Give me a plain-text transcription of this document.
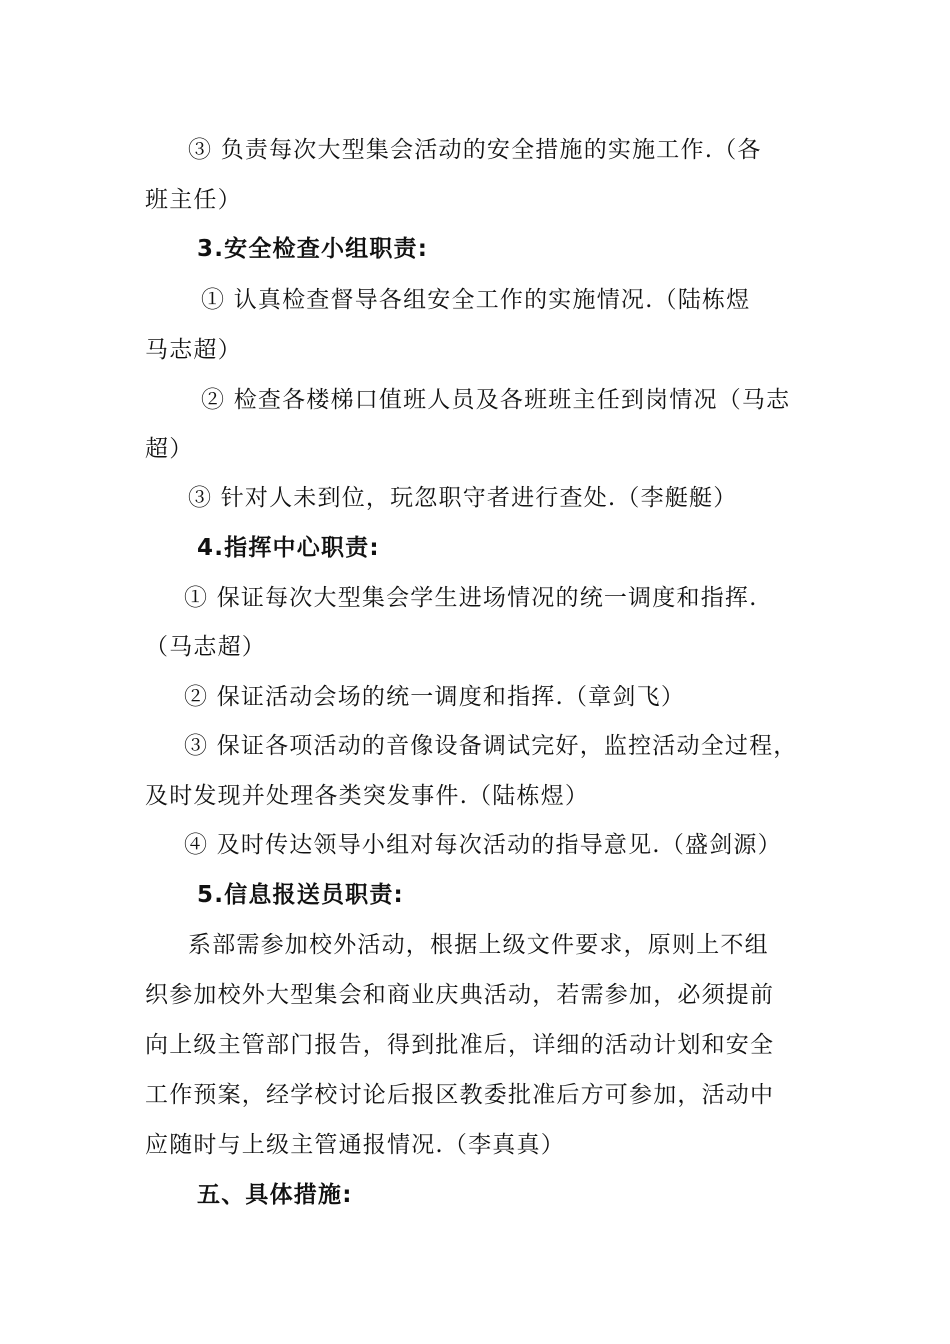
③ 负责每次大型集会活动的安全措施的实施工作.（各
班主任）
3.安全检查小组职责:
① 认真检查督导各组安全工作的实施情况.（陆栋煜
马志超）
② 检查各楼梯口值班人员及各班班主任到岗情况（马志
超）
③ 针对人未到位，玩忽职守者进行查处.（李艇艇）
4.指挥中心职责:
① 保证每次大型集会学生进场情况的统一调度和指挥.
（马志超）
② 保证活动会场的统一调度和指挥.（章剑飞）
③ 保证各项活动的音像设备调试完好，监控活动全过程，
及时发现并处理各类突发事件.（陆栋煜）
④ 及时传达领导小组对每次活动的指导意见.（盛剑源）
5.信息报送员职责:
系部需参加校外活动，根据上级文件要求，原则上不组
织参加校外大型集会和商业庆典活动，若需参加，必须提前
向上级主管部门报告，得到批准后，详细的活动计划和安全
工作预案，经学校讨论后报区教委批准后方可参加，活动中
应随时与上级主管通报情况.（李真真）
五、具体措施:
